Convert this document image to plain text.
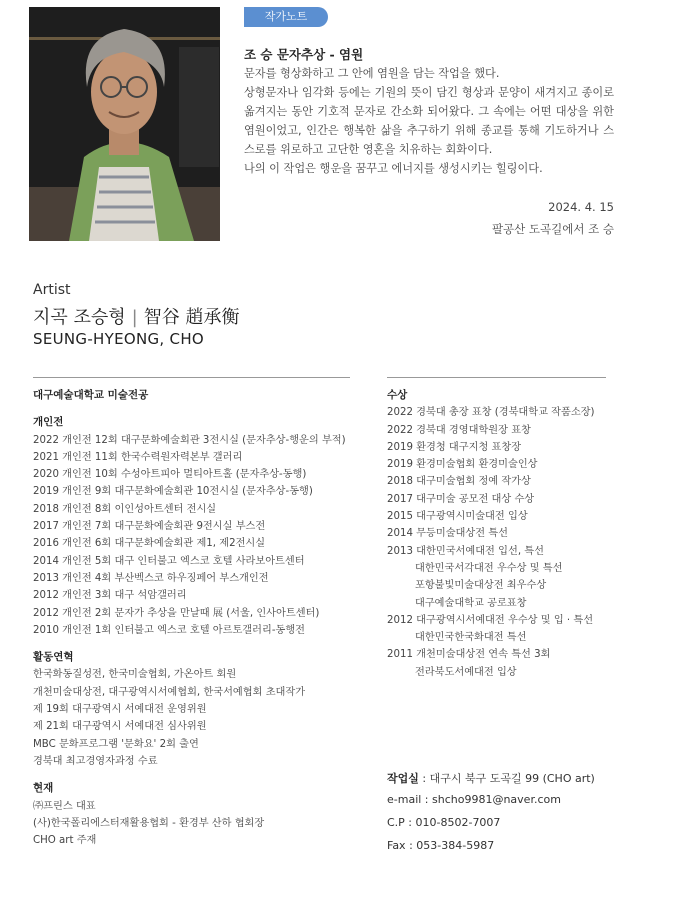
작가노트
조 승 문자추상 - 염원

문자를 형상화하고 그 안에 염원을 담는 작업을 했다.

상형문자나 임각화 등에는 기원의 뜻이 담긴 형상과 문양이 새겨지고 종이로 옮겨지는 동안 기호적 문자로 간소화 되어왔다. 그 속에는 어떤 대상을 위한 염원이었고, 인간은 행복한 삶을 추구하기 위해 종교를 통해 기도하거나 스스로를 위로하고 고단한 영혼을 치유하는 회화이다.

나의 이 작업은 행운을 꿈꾸고 에너지를 생성시키는 힐링이다.

2024. 4. 15
팔공산 도곡길에서 조 승
Artist
지곡 조승형 | 智谷 趙承衡
SEUNG-HYEONG, CHO
대구예술대학교 미술전공
개인전
2022 개인전 12회 대구문화예술회관 3전시실 (문자추상-행운의 부적)
2021 개인전 11회 한국수력원자력본부 갤러리
2020 개인전 10회 수성아트피아 멀티아트홀 (문자추상-동행)
2019 개인전 9회 대구문화예술회관 10전시실 (문자추상-동행)
2018 개인전 8회 이인성아트센터 전시실
2017 개인전 7회 대구문화예술회관 9전시실 부스전
2016 개인전 6회 대구문화예술회관 제1, 제2전시실
2014 개인전 5회 대구 인터불고 엑스코 호텔 사라보아트센터
2013 개인전 4회 부산벡스코 하우징페어 부스개인전
2012 개인전 3회 대구 석암갤러리
2012 개인전 2회 문자가 추상을 만날때 展 (서울, 인사아트센터)
2010 개인전 1회 인터불고 엑스코 호텔 아르토갤러리-동행전
활동연혁
한국화동질성전, 한국미술협회, 가온아트 회원
개천미술대상전, 대구광역시서예협회, 한국서예협회 초대작가
제 19회 대구광역시 서예대전 운영위원
제 21회 대구광역시 서예대전 심사위원
MBC 문화프로그램 '문화요' 2회 출연
경북대 최고경영자과정 수료
현재
㈜프린스 대표
(사)한국폴리에스터재활용협회 - 환경부 산하 협회장
CHO art 주재
수상
2022 경북대 총장 표창 (경북대학교 작품소장)
2022 경북대 경영대학원장 표창
2019 환경청 대구지청 표창장
2019 환경미술협회 환경미술인상
2018 대구미술협회 정예 작가상
2017 대구미술 공모전 대상 수상
2015 대구광역시미술대전 입상
2014 무등미술대상전 특선
2013 대한민국서예대전 입선, 특선
대한민국서각대전 우수상 및 특선
포항불빛미술대상전 최우수상
대구예술대학교 공로표창
2012 대구광역시서예대전 우수상 및 입 · 특선
대한민국한국화대전 특선
2011 개천미술대상전 연속 특선 3회
전라북도서예대전 입상
작업실 : 대구시 북구 도곡길 99 (CHO art)
e-mail : shcho9981@naver.com
C.P : 010-8502-7007
Fax : 053-384-5987
